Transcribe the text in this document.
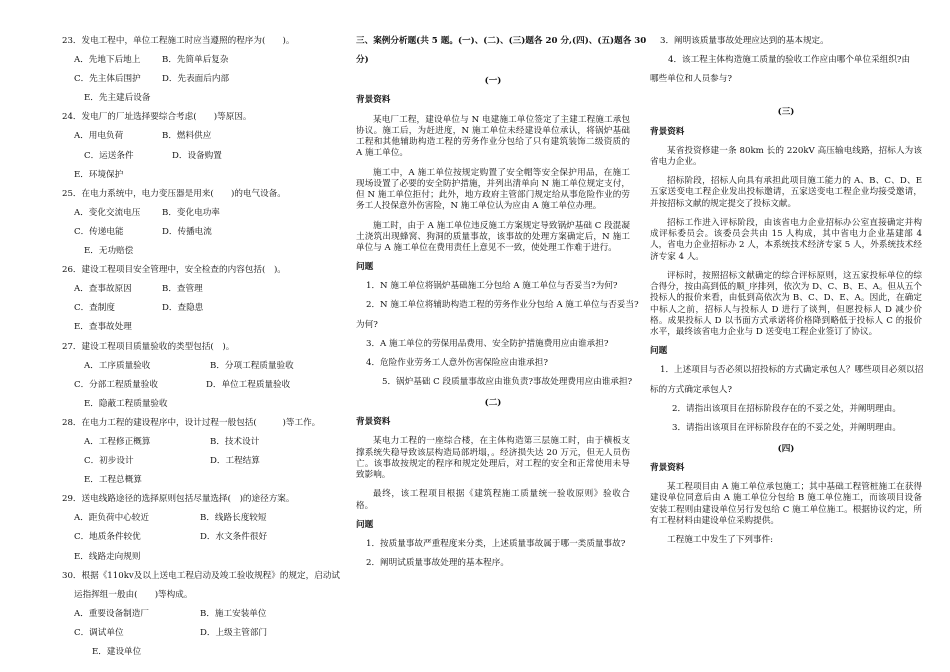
23．发电工程中，单位工程施工时应当遵照的程序为(　　)。
A．先地下后地上	B．先简单后复杂
C．先主体后围护 D．先表面后内部
E．先主建后设备
24．发电厂的厂址选择要综合考虑(　　)等原因。
A．用电负荷	B．燃料供应
C．运送条件	D．设备购置
E．环境保护
25．在电力系统中，电力变压器是用来(　　)的电气设备。
A．变化交流电压	B．变化电功率
C．传递电能	D．传播电流
E．无功赔偿
26．建设工程项目安全管理中，安全检查的内容包括(　)。
A．查事故原因	B．查管理
C．查制度	D．查隐患
E．查事故处理
27．建设工程项目质量验收的类型包括(　)。
A．工序质量验收	B．分项工程质量验收
C．分部工程质量验收	D．单位工程质量验收
E．隐蔽工程质量验收
28．在电力工程的建设程序中，设计过程一般包括(　　　)等工作。
A．工程修正概算	B．技术设计
C．初步设计	D．工程结算
E．工程总概算
29．送电线路途径的选择原则包括尽量选择(　)的途径方案。
A．距负荷中心较近	B．线路长度较短
C．地质条件较优	D．水文条件很好
E．线路走向规则
30．根据《110kv及以上送电工程启动及竣工验收规程》的规定，启动试
运指挥组一般由(　　)等构成。
A．重要设备制造厂	B．施工安装单位
C．调试单位	D．上级主管部门
E．建设单位
三、案例分析题(共 5 题。(一)、(二)、(三)题各 20 分,(四)、(五)题各 30
分)
(一)
背景资料
某电厂工程，建设单位与 N 电建施工单位签定了主建工程施工承包协议。施工后，为赶进度，N 施工单位未经建设单位承认，将锅炉基础工程和其他辅助构造工程的劳务作业分包给了只有建筑装饰二级资质的 A 施工单位。
施工中，A 施工单位按规定购置了安全帽等安全保护用品，在施工现场设置了必要的安全防护措施，并列出清单向 N 施工单位规定支付，但 N 施工单位拒付；此外，地方政府主管部门规定给从事危险作业的劳务工人投保意外伤害险，N 施工单位认为应由 A 施工单位办理。
施工时，由于 A 施工单位违反施工方案规定导致锅炉基础 C 段混凝土浇筑出现蜂窝、狗洞的质量事故，该事故的处理方案确定后，N 施工单位与 A 施工单位在费用责任上意见不一致，使处理工作难于进行。
问题
1．N 施工单位将锅炉基础施工分包给 A 施工单位与否妥当?为何?
2．N 施工单位将辅助构造工程的劳务作业分包给 A 施工单位与否妥当?
为何?
3．A 施工单位的劳保用品费用、安全防护措施费用应由谁承担?
4．危险作业劳务工人意外伤害保险应由谁承担?
5．锅炉基础 C 段质量事故应由谁负责?事故处理费用应由谁承担?
(二)
背景资料
某电力工程的一座综合楼，在主体构造第三层施工时，由于横板支撑系统失稳导致该层构造局部坍塌，。经济损失达 20 万元，但无人员伤亡。该事故按规定的程序和规定处理后，对工程的安全和正常使用未导致影响。
最终，该工程项目根据《建筑程施工质量统一验收原则》验收合格。
问题
1．按质量事故严重程度来分类，上述质量事故属于哪一类质量事故?
2．阐明试质量事故处理的基本程序。
3．阐明该质量事故处理应达到的基本规定。
4．该工程主体构造施工质量的验收工作应由哪个单位采组织?由
哪些单位和人员参与?
(三)
背景资料
某省投资修建一条 80km 长的 220kV 高压输电线路，招标人为该省电力企业。
招标阶段，招标人向具有承担此项目施工能力的 A、B、C、D、E 五家送变电工程企业发出投标邀请，五家送变电工程企业均接受邀请，并按招标文献的规定提交了投标文献。
招标工作进入评标阶段，由该省电力企业招标办公室直接确定并构成评标委员会。该委员会共由 15 人构成，其中省电力企业基建部 4 人，省电力企业招标办 2 人，本系统技术经济专家 5 人，外系统技术经济专家 4 人。
评标时，按照招标文献确定的综合评标原则，这五家投标单位的综合得分，按由高到低的顺_序排列，依次为 D、C、B、E、A。但从五个投标人的报价来看，由低到高依次为 B、C、D、E、A。因此，在确定中标人之前，招标人与投标人 D 进行了谈判，但愿投标人 D 减少价格。成果投标人 D 以书面方式承诺将价格降到略低于投标人 C 的报价水平，最终该省电力企业与 D 送变电工程企业签订了协议。
问题
1．上述项目与否必须以招投标的方式确定承包人？哪些项目必须以招
标的方式确定承包人?
2．请指出该项目在招标阶段存在的不妥之处，并阐明理由。
3．请指出该项目在评标阶段存在的不妥之处，并阐明理由。
(四)
背景资料
某工程项目由 A 施工单位承包施工；其中基础工程管桩施工在获得建设单位同意后由 A 施工单位分包给 B 施工单位施工，而该项目设备安装工程则由建设单位另行发包给 C 施工单位施工。根据协议约定，所有工程材料由建设单位采购提供。
工程施工中发生了下列事件:
